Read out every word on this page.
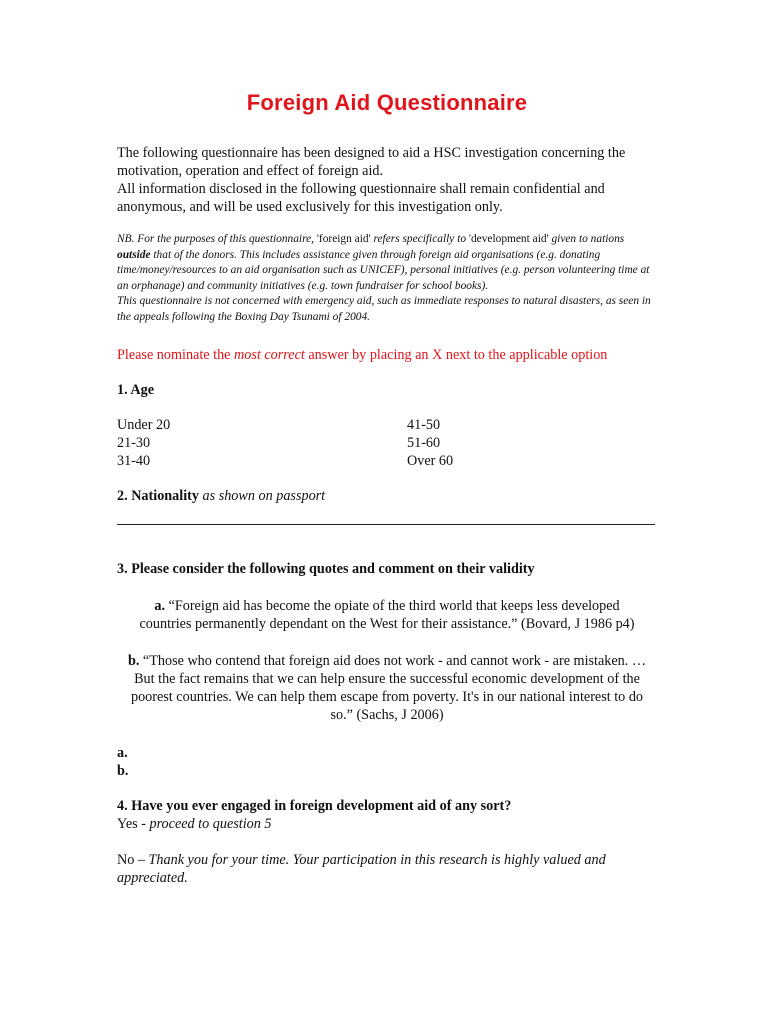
Foreign Aid Questionnaire

The following questionnaire has been designed to aid a HSC investigation concerning the motivation, operation and effect of foreign aid.

All information disclosed in the following questionnaire shall remain confidential and anonymous, and will be used exclusively for this investigation only.

NB. For the purposes of this questionnaire, 'foreign aid' refers specifically to 'development aid' given to nations outside that of the donors. This includes assistance given through foreign aid organisations (e.g. donating time/money/resources to an aid organisation such as UNICEF), personal initiatives (e.g. person volunteering time at an orphanage) and community initiatives (e.g. town fundraiser for school books).

This questionnaire is not concerned with emergency aid, such as immediate responses to natural disasters, as seen in the appeals following the Boxing Day Tsunami of 2004.

Please nominate the most correct answer by placing an X next to the applicable option

1. Age

Under 20	41-50
21-30	51-60
31-40	Over 60

2. Nationality as shown on passport

3. Please consider the following quotes and comment on their validity

a. “Foreign aid has become the opiate of the third world that keeps less developed countries permanently dependant on the West for their assistance.” (Bovard, J 1986 p4)

b. “Those who contend that foreign aid does not work - and cannot work - are mistaken. …But the fact remains that we can help ensure the successful economic development of the poorest countries. We can help them escape from poverty. It's in our national interest to do so.” (Sachs, J 2006)

a.
b.

4. Have you ever engaged in foreign development aid of any sort?

Yes - proceed to question 5

No – Thank you for your time. Your participation in this research is highly valued and appreciated.
